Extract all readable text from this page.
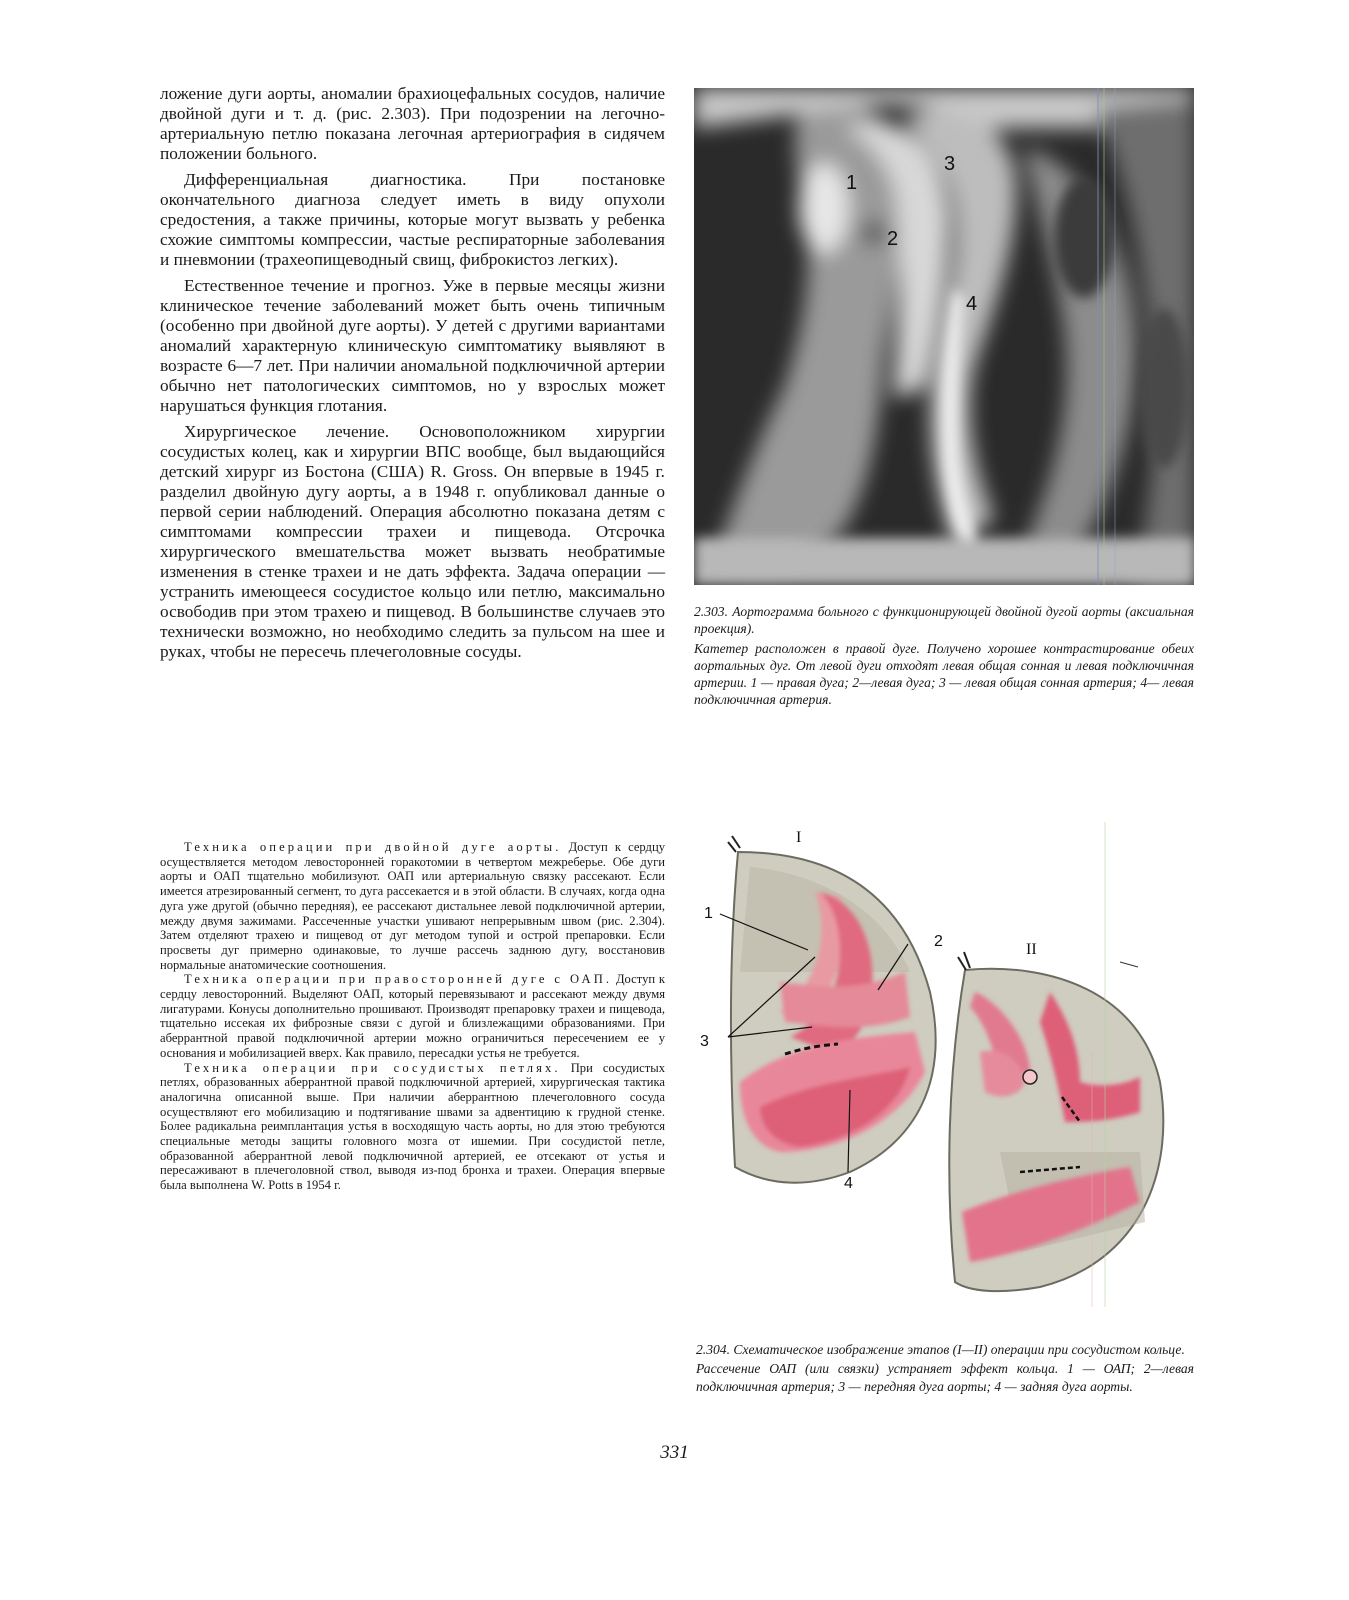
ложение дуги аорты, аномалии брахиоцефальных сосудов, наличие двойной дуги и т. д. (рис. 2.303). При подозрении на легочно-артериальную петлю показана легочная артериография в сидячем положении больного.

Дифференциальная диагностика. При постановке окончательного диагноза следует иметь в виду опухоли средостения, а также причины, которые могут вызвать у ребенка схожие симптомы компрессии, частые респираторные заболевания и пневмонии (трахеопищеводный свищ, фиброкистоз легких).

Естественное течение и прогноз. Уже в первые месяцы жизни клиническое течение заболеваний может быть очень типичным (особенно при двойной дуге аорты). У детей с другими вариантами аномалий характерную клиническую симптоматику выявляют в возрасте 6—7 лет. При наличии аномальной подключичной артерии обычно нет патологических симптомов, но у взрослых может нарушаться функция глотания.

Хирургическое лечение. Основоположником хирургии сосудистых колец, как и хирургии ВПС вообще, был выдающийся детский хирург из Бостона (США) R. Gross. Он впервые в 1945 г. разделил двойную дугу аорты, а в 1948 г. опубликовал данные о первой серии наблюдений. Операция абсолютно показана детям с симптомами компрессии трахеи и пищевода. Отсрочка хирургического вмешательства может вызвать необратимые изменения в стенке трахеи и не дать эффекта. Задача операции — устранить имеющееся сосудистое кольцо или петлю, максимально освободив при этом трахею и пищевод. В большинстве случаев это технически возможно, но необходимо следить за пульсом на шее и руках, чтобы не пересечь плечеголовные сосуды.

Техника операции при двойной дуге аорты. Доступ к сердцу осуществляется методом левосторонней горакотомии в четвертом межреберье. Обе дуги аорты и ОАП тщательно мобилизуют. ОАП или артериальную связку рассекают. Если имеется атрезированный сегмент, то дуга рассекается и в этой области. В случаях, когда одна дуга уже другой (обычно передняя), ее рассекают дистальнее левой подключичной артерии, между двумя зажимами. Рассеченные участки ушивают непрерывным швом (рис. 2.304). Затем отделяют трахею и пищевод от дуг методом тупой и острой препаровки. Если просветы дуг примерно одинаковые, то лучше рассечь заднюю дугу, восстановив нормальные анатомические соотношения.

Техника операции при правосторонней дуге с ОАП. Доступ к сердцу левосторонний. Выделяют ОАП, который перевязывают и рассекают между двумя лигатурами. Конусы дополнительно прошивают. Производят препаровку трахеи и пищевода, тщательно иссекая их фиброзные связи с дугой и близлежащими образованиями. При аберрантной правой подключичной артерии можно ограничиться пересечением ее у основания и мобилизацией вверх. Как правило, пересадки устья не требуется.

Техника операции при сосудистых петлях. При сосудистых петлях, образованных аберрантной правой подключичной артерией, хирургическая тактика аналогична описанной выше. При наличии аберрантною плечеголовного сосуда осуществляют его мобилизацию и подтягивание швами за адвентицию к грудной стенке. Более радикальна реимплантация устья в восходящую часть аорты, но для этою требуются специальные методы защиты головного мозга от ишемии. При сосудистой петле, образованной аберрантной левой подключичной артерией, ее отсекают от устья и пересаживают в плечеголовной ствол, выводя из-под бронха и трахеи. Операция впервые была выполнена W. Potts в 1954 г.

1
2
3
4

2.303. Аортограмма больного с функционирующей двойной дугой аорты (аксиальная проекция).

Катетер расположен в правой дуге. Получено хорошее контрастирование обеих аортальных дуг. От левой дуги отходят левая общая сонная и левая подключичная артерии. 1 — правая дуга; 2—левая дуга; 3 — левая общая сонная артерия; 4— левая подключичная артерия.

I
1
2
3
4
II

2.304. Схематическое изображение этапов (I—II) операции при сосудистом кольце.

Рассечение ОАП (или связки) устраняет эффект кольца. 1 — ОАП; 2—левая подключичная артерия; 3 — передняя дуга аорты; 4 — задняя дуга аорты.

331
